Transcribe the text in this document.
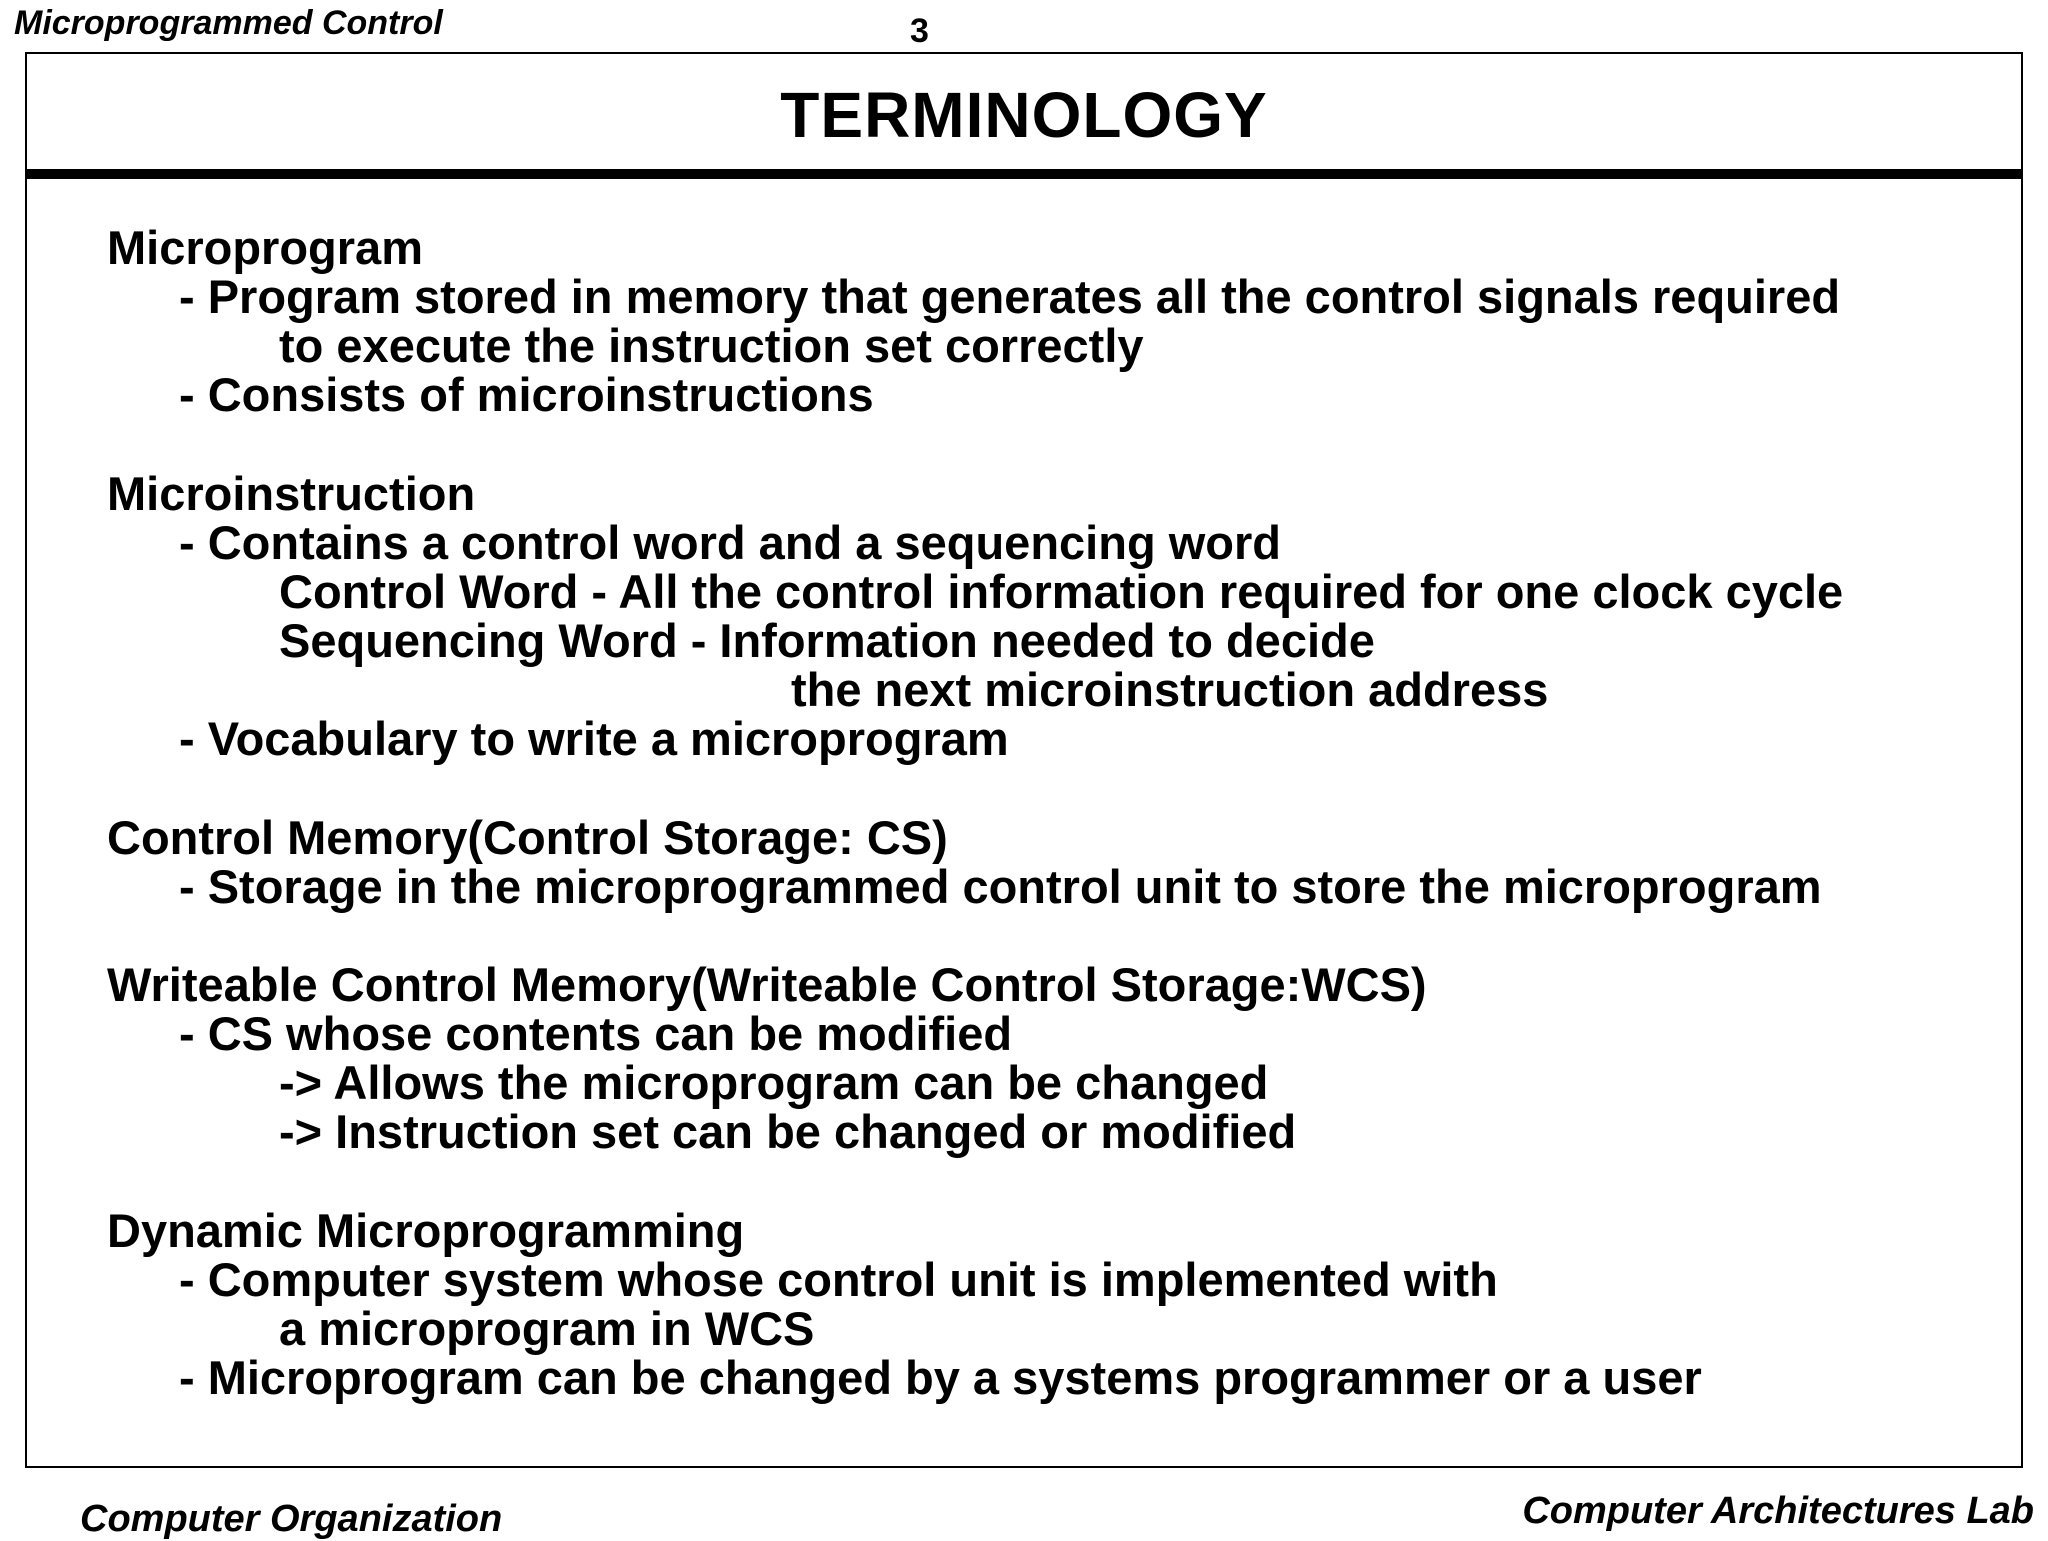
Microprogrammed Control	3
TERMINOLOGY
Microprogram
- Program stored in memory that generates all the control signals required
to execute the instruction set correctly
- Consists of microinstructions
Microinstruction
- Contains a control word and a sequencing word
Control Word - All the control information required for one clock cycle
Sequencing Word - Information needed to decide
the next microinstruction address
- Vocabulary to write a microprogram
Control Memory(Control Storage: CS)
- Storage in the microprogrammed control unit to store the microprogram
Writeable Control Memory(Writeable Control Storage:WCS)
- CS whose contents can be modified
-> Allows the microprogram can be changed
-> Instruction set can be changed or modified
Dynamic Microprogramming
- Computer system whose control unit is implemented with
a microprogram in WCS
- Microprogram can be changed by a systems programmer or a user
Computer Organization	Computer Architectures Lab
